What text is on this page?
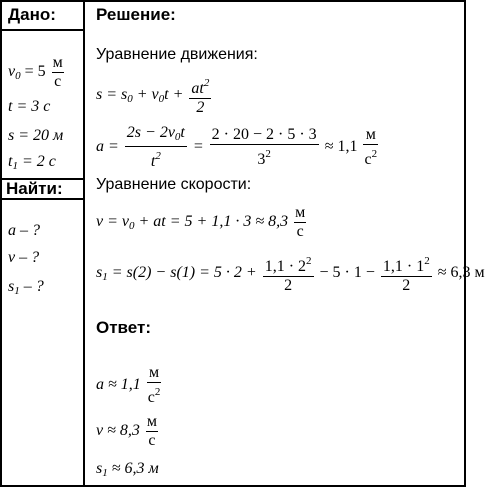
Дано:
Найти:
Решение:
Ответ:
$v_0 = 5 \frac{м}{с}$
t = 3 с
s = 20 м
$t_1 = 2$ с
a – ?
v – ?
$s_1$ – ?
Уравнение движения:
$s = s_0 + v_0t + \frac{at^2}{2}$
$a = \frac{2s - 2v_0t}{t^2} = \frac{2 \cdot 20 - 2 \cdot 5 \cdot 3}{3^2} \approx 1,1 \frac{м}{с^2}$
Уравнение скорости:
$v = v_0$ + at = $5 + 1,1 \cdot 3 \approx 8,3 \frac{м}{с}$
$s_1 = s(2) - s(1) = 5 \cdot 2 + \frac{1,1 \cdot 2^2}{2} - 5 \cdot 1 - \frac{1,1 \cdot 1^2}{2} \approx 6,3$ м
$a \approx 1,1 \frac{м}{с^2}$
$v \approx 8,3 \frac{м}{с}$
$s_1 \approx 6,3$ м
